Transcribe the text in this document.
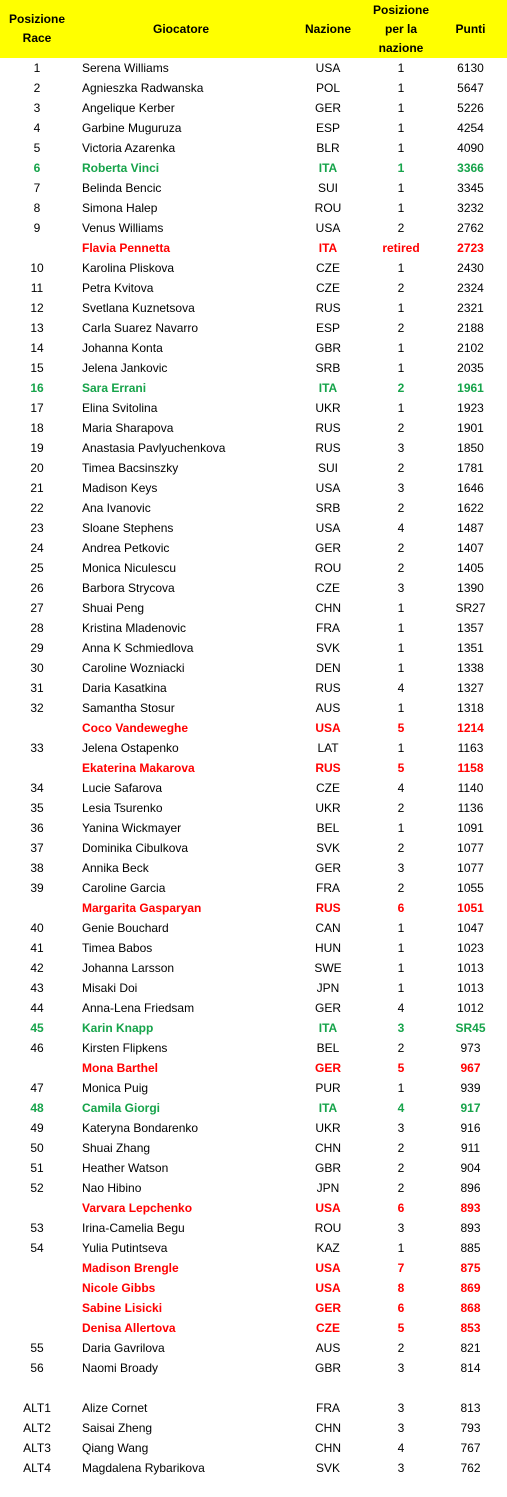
Posizione Race	Giocatore	Nazione	Posizione per la nazione	Punti
1	Serena Williams	USA	1	6130
2	Agnieszka Radwanska	POL	1	5647
3	Angelique Kerber	GER	1	5226
4	Garbine Muguruza	ESP	1	4254
5	Victoria Azarenka	BLR	1	4090
6	Roberta Vinci	ITA	1	3366
7	Belinda Bencic	SUI	1	3345
8	Simona Halep	ROU	1	3232
9	Venus Williams	USA	2	2762
	Flavia Pennetta	ITA	retired	2723
10	Karolina Pliskova	CZE	1	2430
11	Petra Kvitova	CZE	2	2324
12	Svetlana Kuznetsova	RUS	1	2321
13	Carla Suarez Navarro	ESP	2	2188
14	Johanna Konta	GBR	1	2102
15	Jelena Jankovic	SRB	1	2035
16	Sara Errani	ITA	2	1961
17	Elina Svitolina	UKR	1	1923
18	Maria Sharapova	RUS	2	1901
19	Anastasia Pavlyuchenkova	RUS	3	1850
20	Timea Bacsinszky	SUI	2	1781
21	Madison Keys	USA	3	1646
22	Ana Ivanovic	SRB	2	1622
23	Sloane Stephens	USA	4	1487
24	Andrea Petkovic	GER	2	1407
25	Monica Niculescu	ROU	2	1405
26	Barbora Strycova	CZE	3	1390
27	Shuai Peng	CHN	1	SR27
28	Kristina Mladenovic	FRA	1	1357
29	Anna K Schmiedlova	SVK	1	1351
30	Caroline Wozniacki	DEN	1	1338
31	Daria Kasatkina	RUS	4	1327
32	Samantha Stosur	AUS	1	1318
	Coco Vandeweghe	USA	5	1214
33	Jelena Ostapenko	LAT	1	1163
	Ekaterina Makarova	RUS	5	1158
34	Lucie Safarova	CZE	4	1140
35	Lesia Tsurenko	UKR	2	1136
36	Yanina Wickmayer	BEL	1	1091
37	Dominika Cibulkova	SVK	2	1077
38	Annika Beck	GER	3	1077
39	Caroline Garcia	FRA	2	1055
	Margarita Gasparyan	RUS	6	1051
40	Genie Bouchard	CAN	1	1047
41	Timea Babos	HUN	1	1023
42	Johanna Larsson	SWE	1	1013
43	Misaki Doi	JPN	1	1013
44	Anna-Lena Friedsam	GER	4	1012
45	Karin Knapp	ITA	3	SR45
46	Kirsten Flipkens	BEL	2	973
	Mona Barthel	GER	5	967
47	Monica Puig	PUR	1	939
48	Camila Giorgi	ITA	4	917
49	Kateryna Bondarenko	UKR	3	916
50	Shuai Zhang	CHN	2	911
51	Heather Watson	GBR	2	904
52	Nao Hibino	JPN	2	896
	Varvara Lepchenko	USA	6	893
53	Irina-Camelia Begu	ROU	3	893
54	Yulia Putintseva	KAZ	1	885
	Madison Brengle	USA	7	875
	Nicole Gibbs	USA	8	869
	Sabine Lisicki	GER	6	868
	Denisa Allertova	CZE	5	853
55	Daria Gavrilova	AUS	2	821
56	Naomi Broady	GBR	3	814

ALT1	Alize Cornet	FRA	3	813
ALT2	Saisai Zheng	CHN	3	793
ALT3	Qiang Wang	CHN	4	767
ALT4	Magdalena Rybarikova	SVK	3	762
